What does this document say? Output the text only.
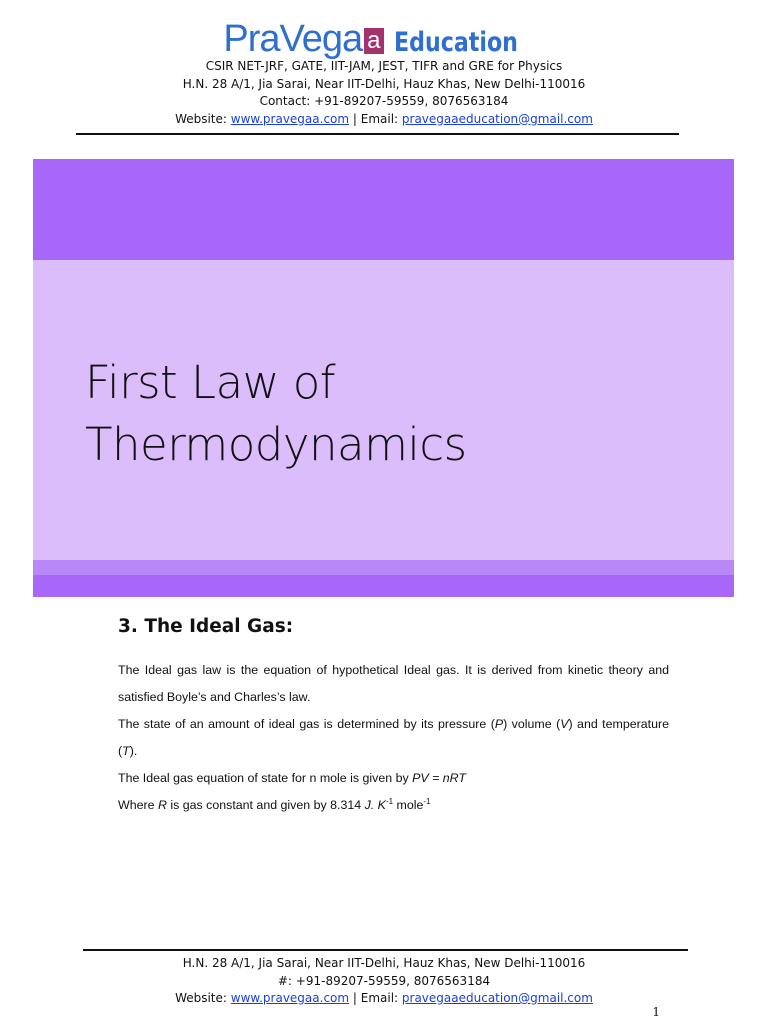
PraVega a Education
CSIR NET-JRF, GATE, IIT-JAM, JEST, TIFR and GRE for Physics
H.N. 28 A/1, Jia Sarai, Near IIT-Delhi, Hauz Khas, New Delhi-110016
Contact: +91-89207-59559, 8076563184
Website: www.pravegaa.com | Email: pravegaaeducation@gmail.com
First Law of
Thermodynamics
3. The Ideal Gas:

The Ideal gas law is the equation of hypothetical Ideal gas. It is derived from kinetic theory and satisfied Boyle’s and Charles’s law.

The state of an amount of ideal gas is determined by its pressure (P) volume (V) and temperature (T).

The Ideal gas equation of state for n mole is given by PV = nRT

Where R is gas constant and given by 8.314 J. $K^{-1}$ mole$^{-1}$

H.N. 28 A/1, Jia Sarai, Near IIT-Delhi, Hauz Khas, New Delhi-110016
#: +91-89207-59559, 8076563184
Website: www.pravegaa.com | Email: pravegaaeducation@gmail.com
1
